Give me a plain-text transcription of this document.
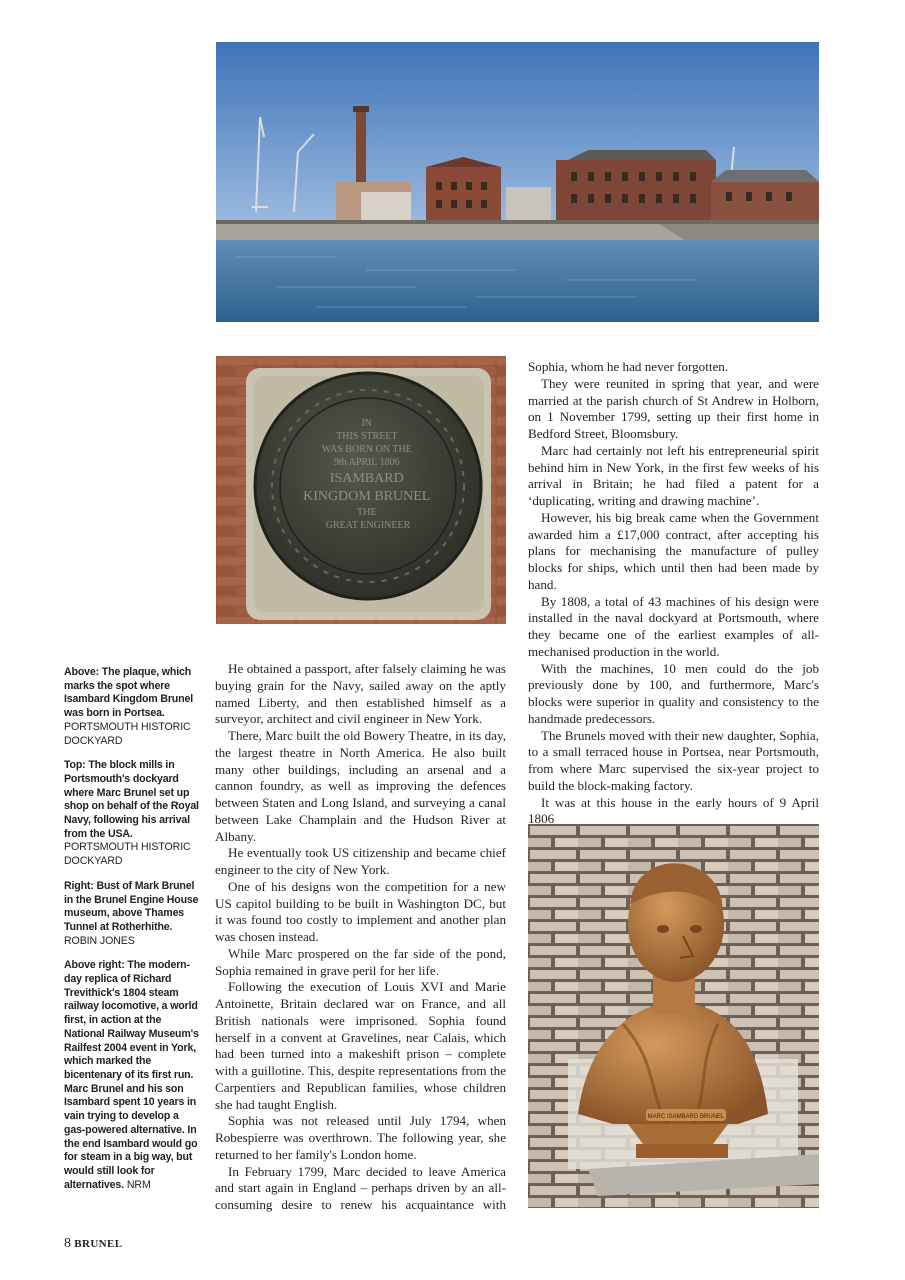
IN THIS STREET WAS BORN ON THE 9th APRIL 1806 ISAMBARD KINGDOM BRUNEL THE GREAT ENGINEER
MARC ISAMBARD BRUNEL

Above: The plaque, which marks the spot where Isambard Kingdom Brunel was born in Portsea. PORTSMOUTH HISTORIC DOCKYARD

Top: The block mills in Portsmouth's dockyard where Marc Brunel set up shop on behalf of the Royal Navy, following his arrival from the USA. PORTSMOUTH HISTORIC DOCKYARD

Right: Bust of Mark Brunel in the Brunel Engine House museum, above Thames Tunnel at Rotherhithe. ROBIN JONES

Above right: The modern-day replica of Richard Trevithick's 1804 steam railway locomotive, a world first, in action at the National Railway Museum's Railfest 2004 event in York, which marked the bicentenary of its first run. Marc Brunel and his son Isambard spent 10 years in vain trying to develop a gas-powered alternative. In the end Isambard would go for steam in a big way, but would still look for alternatives. NRM

He obtained a passport, after falsely claiming he was buying grain for the Navy, sailed away on the aptly named Liberty, and then established himself as a surveyor, architect and civil engineer in New York.

There, Marc built the old Bowery Theatre, in its day, the largest theatre in North America. He also built many other buildings, including an arsenal and a cannon foundry, as well as improving the defences between Staten and Long Island, and surveying a canal between Lake Champlain and the Hudson River at Albany.

He eventually took US citizenship and became chief engineer to the city of New York.

One of his designs won the competition for a new US capitol building to be built in Washington DC, but it was found too costly to implement and another plan was chosen instead.

While Marc prospered on the far side of the pond, Sophia remained in grave peril for her life.

Following the execution of Louis XVI and Marie Antoinette, Britain declared war on France, and all British nationals were imprisoned. Sophia found herself in a convent at Gravelines, near Calais, which had been turned into a makeshift prison – complete with a guillotine. This, despite representations from the Carpentiers and Republican families, whose children she had taught English.

Sophia was not released until July 1794, when Robespierre was overthrown. The following year, she returned to her family's London home.

In February 1799, Marc decided to leave America and start again in England – perhaps driven by an all-consuming desire to renew his acquaintance with

Sophia, whom he had never forgotten.

They were reunited in spring that year, and were married at the parish church of St Andrew in Holborn, on 1 November 1799, setting up their first home in Bedford Street, Bloomsbury.

Marc had certainly not left his entrepreneurial spirit behind him in New York, in the first few weeks of his arrival in Britain; he had filed a patent for a ‘duplicating, writing and drawing machine’.

However, his big break came when the Government awarded him a £17,000 contract, after accepting his plans for mechanising the manufacture of pulley blocks for ships, which until then had been made by hand.

By 1808, a total of 43 machines of his design were installed in the naval dockyard at Portsmouth, where they became one of the earliest examples of all-mechanised production in the world.

With the machines, 10 men could do the job previously done by 100, and furthermore, Marc's blocks were superior in quality and consistency to the handmade predecessors.

The Brunels moved with their new daughter, Sophia, to a small terraced house in Portsea, near Portsmouth, from where Marc supervised the six-year project to build the block-making factory.

It was at this house in the early hours of 9 April 1806

8 BRUNEL
